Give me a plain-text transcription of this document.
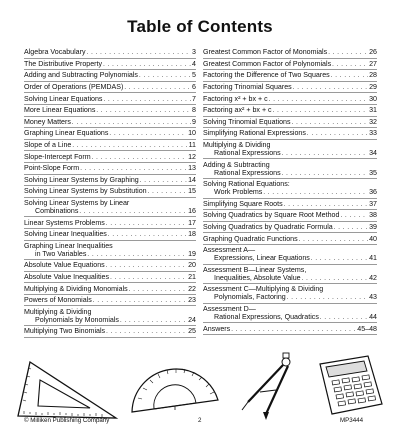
Table of Contents
Algebra Vocabulary . . .	3
The Distributive Property . . .	4
Adding and Subtracting Polynomials . . .	5
Order of Operations (PEMDAS) . . .	6
Solving Linear Equations . . .	7
More Linear Equations . . .	8
Money Matters . . .	9
Graphing Linear Equations . . .	10
Slope of a Line . . .	11
Slope-Intercept Form . . .	12
Point-Slope Form . . .	13
Solving Linear Systems by Graphing . . .	14
Solving Linear Systems by Substitution . . .	15
Solving Linear Systems by Linear
Combinations . . .	16
Linear Systems Problems . . .	17
Solving Linear Inequalities . . .	18
Graphing Linear Inequalities
in Two Variables . . .	19
Absolute Value Equations . . .	20
Absolute Value Inequalities . . .	21
Multiplying & Dividing Monomials . . .	22
Powers of Monomials . . .	23
Multiplying & Dividing
Polynomials by Monomials . . .	24
Multiplying Two Binomials . . .	25
Greatest Common Factor of Monomials . . .	26
Greatest Common Factor of Polynomials . . .	27
Factoring the Difference of Two Squares . . .	28
Factoring Trinomial Squares . . .	29
Factoring x² + bx + c . . .	30
Factoring ax² + bx + c . . .	31
Solving Trinomial Equations . . .	32
Simplifying Rational Expressions . . .	33
Multiplying & Dividing
Rational Expressions . . .	34
Adding & Subtracting
Rational Expressions . . .	35
Solving Rational Equations:
Work Problems . . .	36
Simplifying Square Roots . . .	37
Solving Quadratics by Square Root Method . . .	38
Solving Quadratics by Quadratic Formula . . .	39
Graphing Quadratic Functions . . .	40
Assessment A—
Expressions, Linear Equations . . .	41
Assessment B—Linear Systems,
Inequalities, Absolute Value . . .	42
Assessment C—Multiplying & Dividing
Polynomials, Factoring . . .	43
Assessment D—
Rational Expressions, Quadratics . . .	44
Answers . . .	45–48
© Milliken Publishing Company	2	MP3444
